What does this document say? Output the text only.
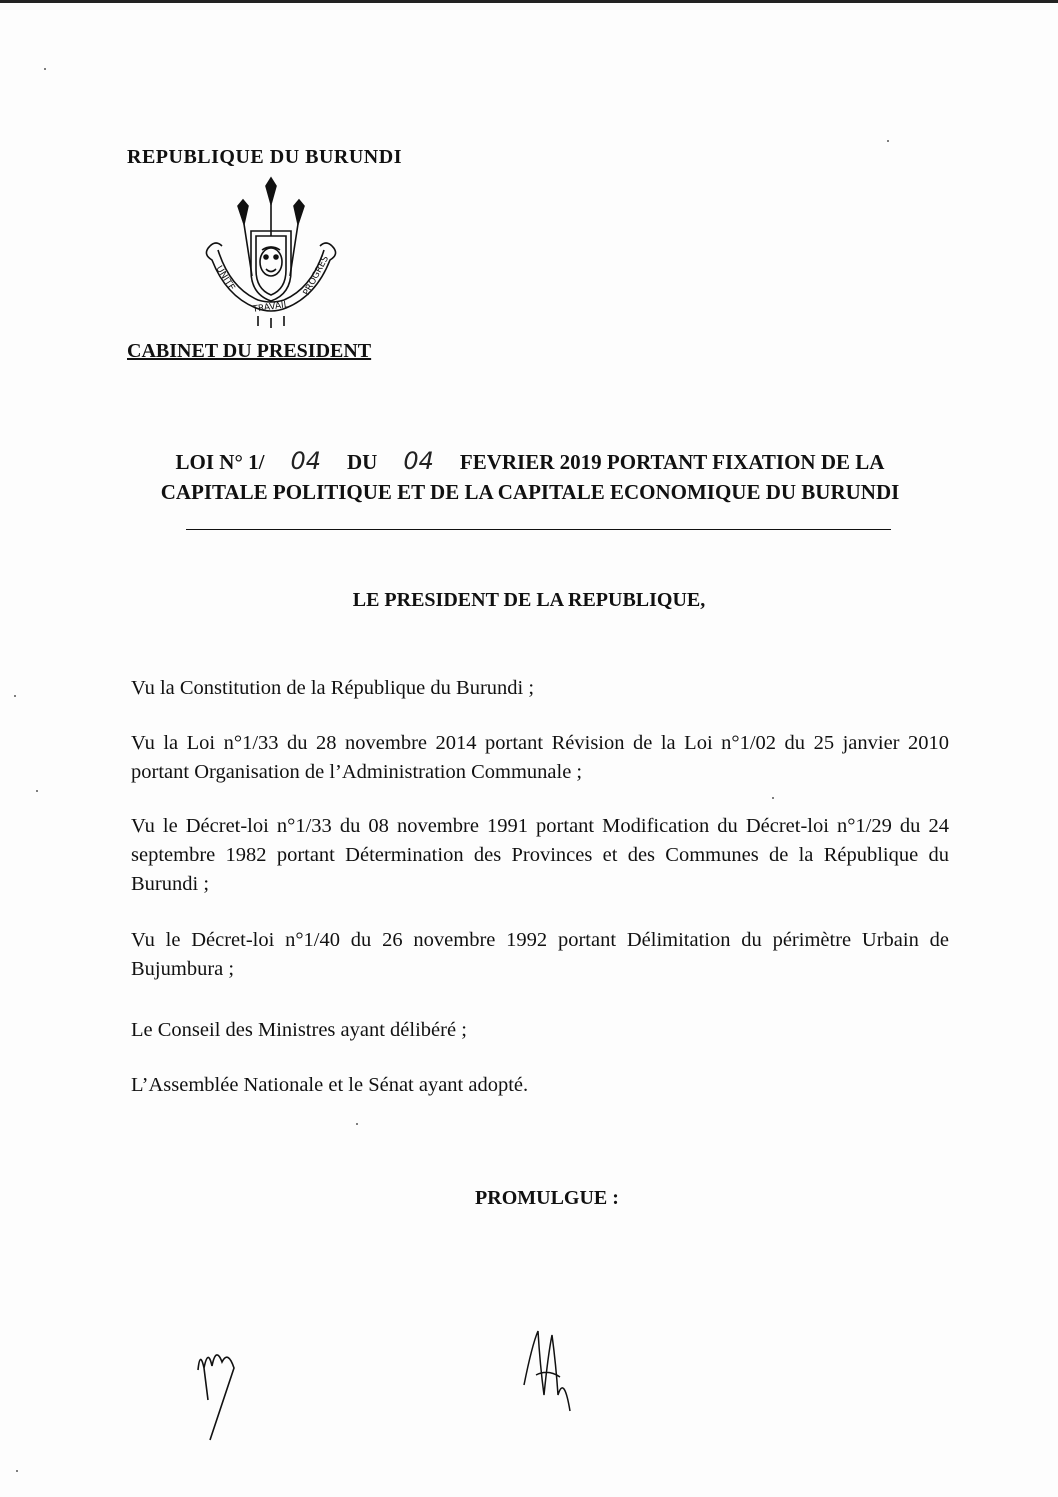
REPUBLIQUE DU BURUNDI
UNITE
TRAVAIL
PROGRES
CABINET DU PRESIDENT
LOI N° 1/ 04 DU 04 FEVRIER 2019 PORTANT FIXATION DE LA
CAPITALE POLITIQUE ET DE LA CAPITALE ECONOMIQUE DU BURUNDI
LE PRESIDENT DE LA REPUBLIQUE,
Vu la Constitution de la République du Burundi ;
Vu la Loi n°1/33 du 28 novembre 2014 portant Révision de la Loi n°1/02 du 25 janvier 2010 portant Organisation de l’Administration Communale ;
Vu le Décret-loi n°1/33 du 08 novembre 1991 portant Modification du Décret-loi n°1/29 du 24 septembre 1982 portant Détermination des Provinces et des Communes de la République du Burundi ;
Vu le Décret-loi n°1/40 du 26 novembre 1992 portant Délimitation du périmètre Urbain de Bujumbura ;
Le Conseil des Ministres ayant délibéré ;
L’Assemblée Nationale et le Sénat ayant adopté.
PROMULGUE :
